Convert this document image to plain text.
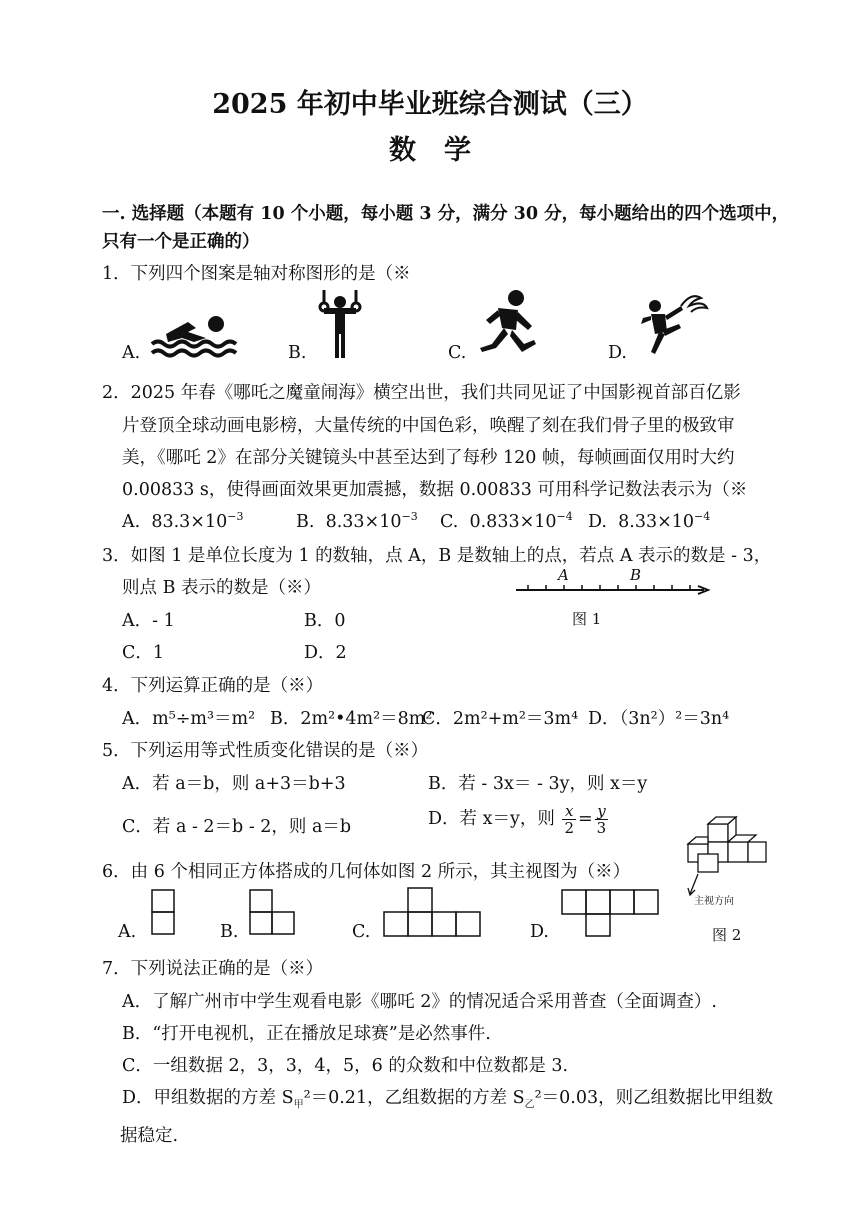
2025 年初中毕业班综合测试（三）
数学
一. 选择题（本题有 10 个小题，每小题 3 分，满分 30 分，每小题给出的四个选项中，
只有一个是正确的）
1．下列四个图案是轴对称图形的是（※
A.	B.	C.	D.
2．2025 年春《哪吒之魔童闹海》横空出世，我们共同见证了中国影视首部百亿影
片登顶全球动画电影榜，大量传统的中国色彩，唤醒了刻在我们骨子里的极致审
美，《哪吒 2》在部分关键镜头中甚至达到了每秒 120 帧，每帧画面仅用时大约
0.00833 s，使得画面效果更加震撼，数据 0.00833 可用科学记数法表示为（※
A. $83.3\times 10^{-3}$	B. $8.33\times 10^{-3}$ C. $0.833\times 10^{-4}$ D. $8.33\times 10^{-4}$
3．如图 1 是单位长度为 1 的数轴，点 A，B 是数轴上的点，若点 A 表示的数是 - 3，
则点 B 表示的数是（※）
A	B
图 1
A．- 1	B．0
C．1	D．2
4．下列运算正确的是（※）
A．m⁵÷m³＝m² B．2m²•4m²＝8m²
C．2m²+m²＝3m⁴ D．（3n²）²＝3n⁴
5．下列运用等式性质变化错误的是（※）
A．若 a＝b，则 a+3＝b+3	B．若 - 3x＝ - 3y，则 x＝y
C．若 a - 2＝b - 2，则 a＝b	D．若 x＝y，则 $\frac{x}{2} = \frac{y}{3}$
主视方向
6．由 6 个相同正方体搭成的几何体如图 2 所示，其主视图为（※）
A.	B.	C.	D.	图 2
7．下列说法正确的是（※）
A．了解广州市中学生观看电影《哪吒 2》的情况适合采用普查（全面调查）.
B．“打开电视机，正在播放足球赛”是必然事件.
C．一组数据 2，3，3，4，5，6 的众数和中位数都是 3.
D．甲组数据的方差 $S_甲^2=0.21$，乙组数据的方差 $S_乙^2=0.03$，则乙组数据比甲组数
据稳定.
